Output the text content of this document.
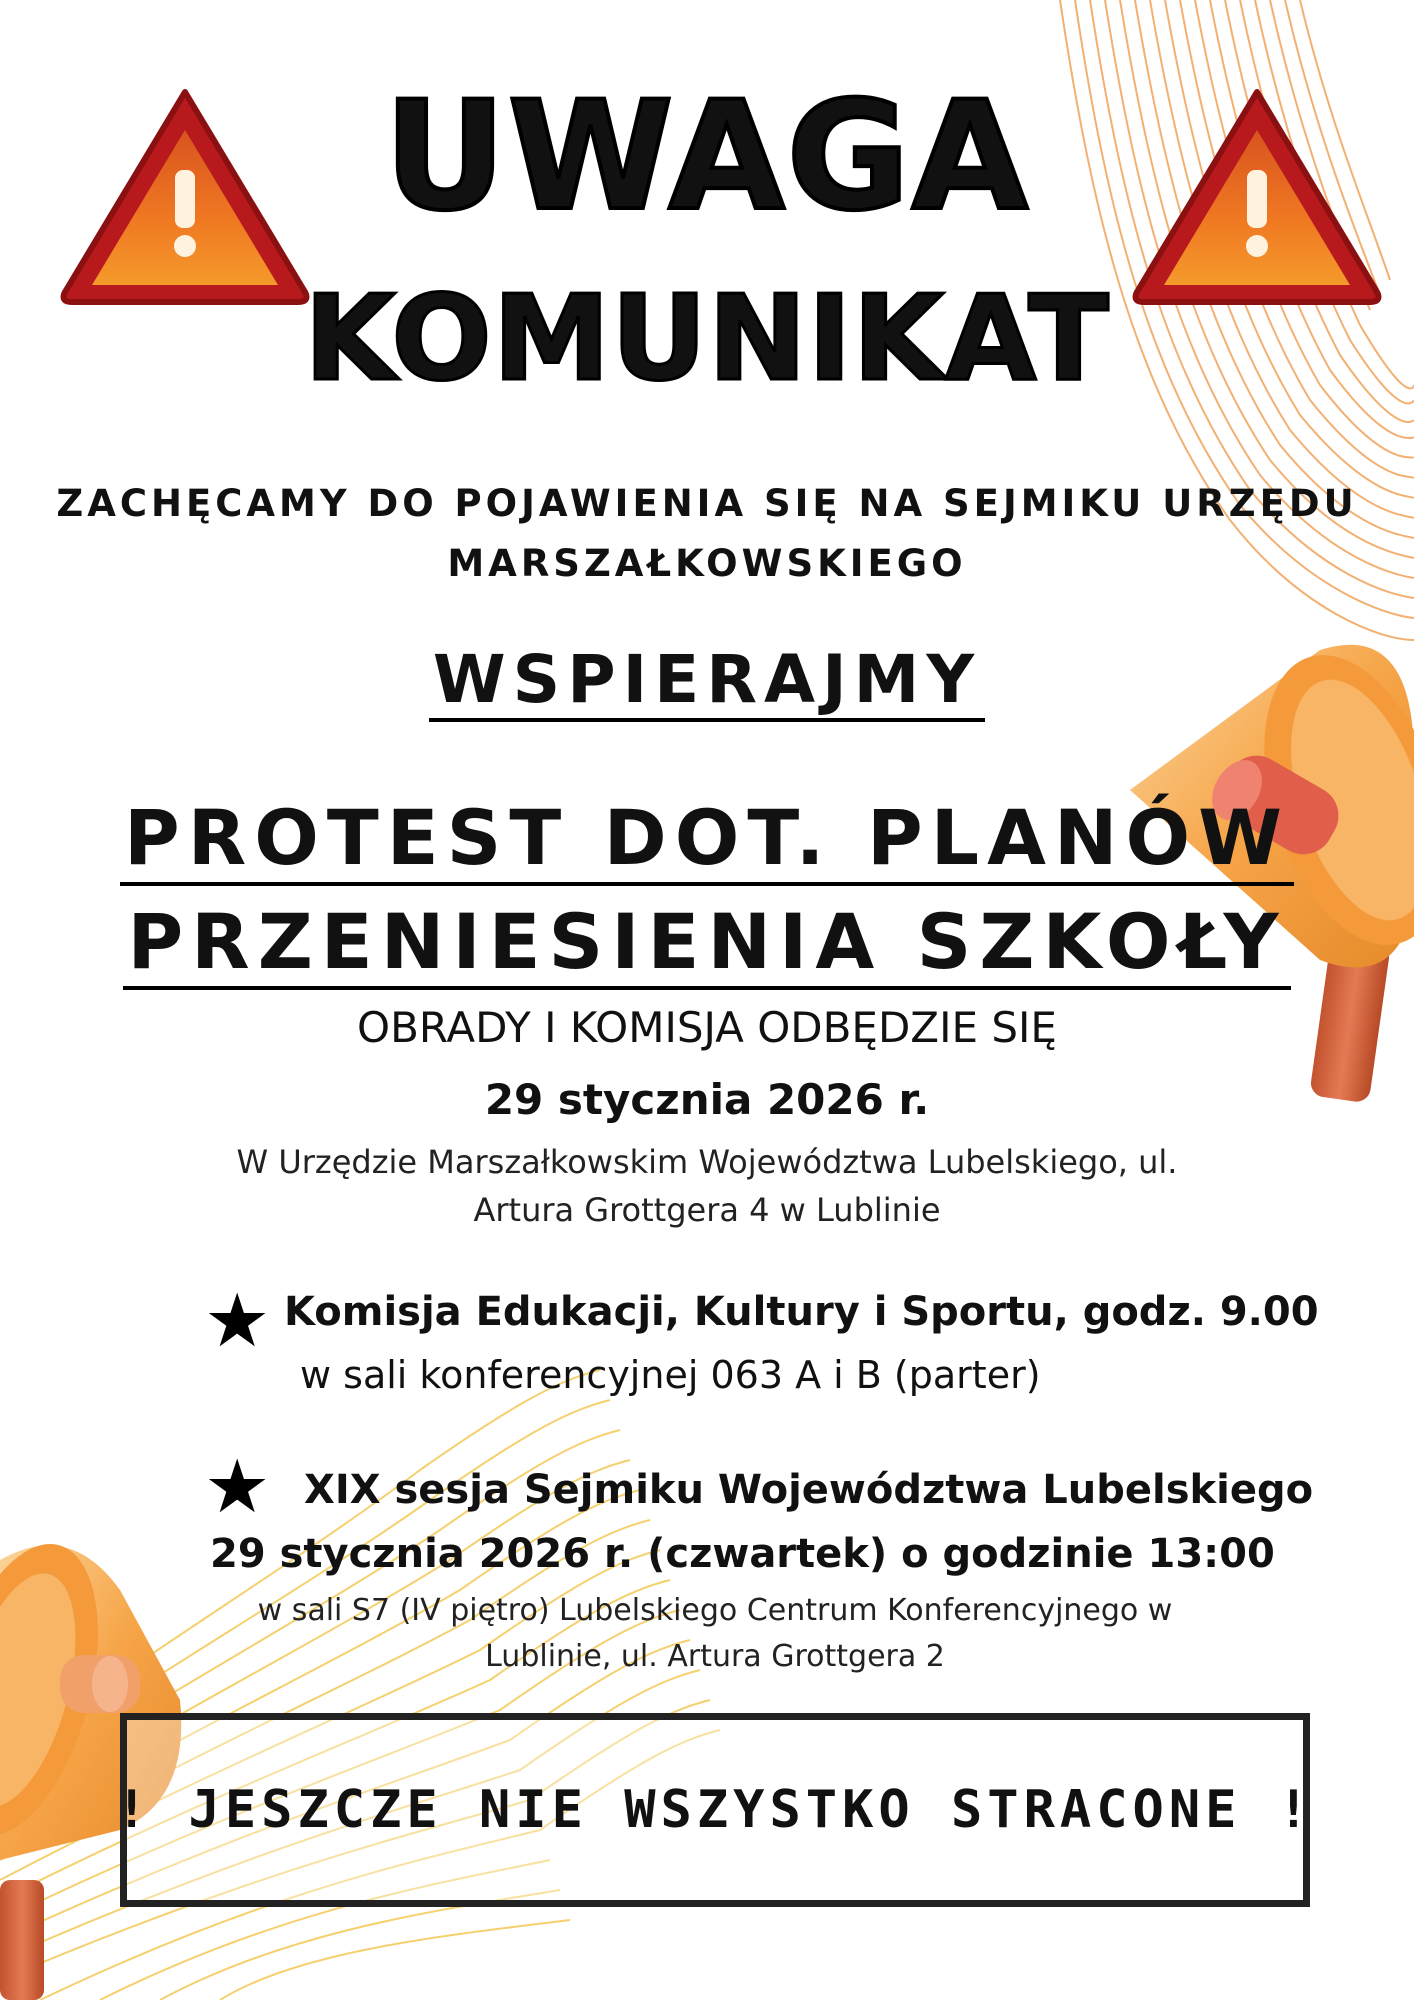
UWAGA
KOMUNIKAT
ZACHĘCAMY DO POJAWIENIA SIĘ NA SEJMIKU URZĘDU
MARSZAŁKOWSKIEGO
WSPIERAJMY
PROTEST DOT. PLANÓW
PRZENIESIENIA SZKOŁY
OBRADY I KOMISJA ODBĘDZIE SIĘ
29 stycznia 2026 r.
W Urzędzie Marszałkowskim Województwa Lubelskiego, ul.
Artura Grottgera 4 w Lublinie
★ Komisja Edukacji, Kultury i Sportu, godz. 9.00
w sali konferencyjnej 063 A i B (parter)
★ XIX sesja Sejmiku Województwa Lubelskiego
29 stycznia 2026 r. (czwartek) o godzinie 13:00
w sali S7 (IV piętro) Lubelskiego Centrum Konferencyjnego w
Lublinie, ul. Artura Grottgera 2
! JESZCZE NIE WSZYSTKO STRACONE !
